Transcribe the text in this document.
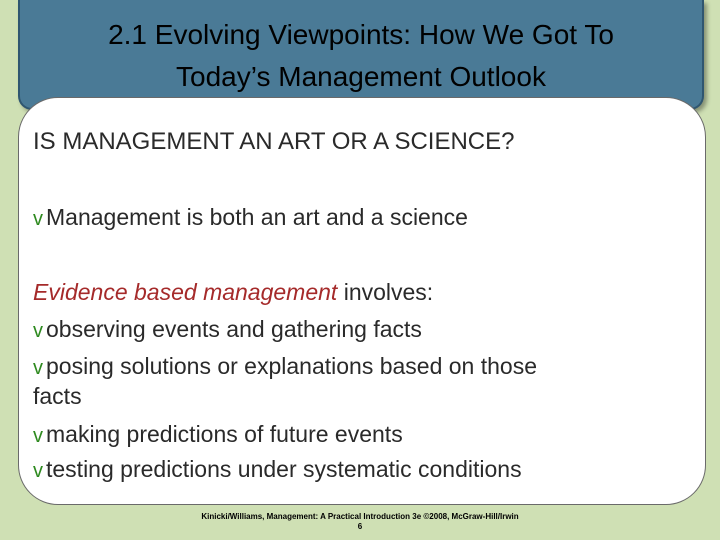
2.1 Evolving Viewpoints: How We Got To
Today’s Management Outlook
IS MANAGEMENT AN ART OR A SCIENCE?
v Management is both an art and a science
Evidence based management involves:
v observing events and gathering facts
v posing solutions or explanations based on those
facts
v making predictions of future events
v testing predictions under systematic conditions
Kinicki/Williams, Management: A Practical Introduction 3e ©2008, McGraw-Hill/Irwin
6
